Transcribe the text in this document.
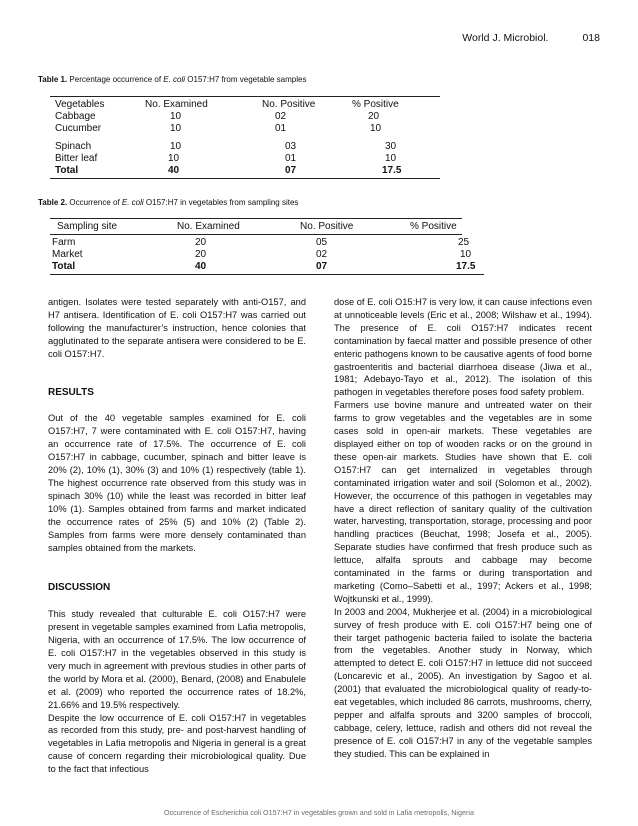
World J. Microbiol.	018
Table 1. Percentage occurrence of E. coli O157:H7 from vegetable samples
Vegetables	No. Examined	No. Positive	% Positive
Cabbage	10	02	20
Cucumber	10	01	10
Spinach	10	03	30
Bitter leaf	10	01	10
Total	40	07	17.5
Table 2. Occurrence of E. coli O157:H7 in vegetables from sampling sites
Sampling site	No. Examined	No. Positive	% Positive
Farm	20	05	25
Market	20	02	10
Total	40	07	17.5

antigen. Isolates were tested separately with anti-O157, and H7 antisera. Identification of E. coli O157:H7 was carried out following the manufacturer’s instruction, hence colonies that agglutinated to the separate antisera were considered to be E. coli O157:H7.

RESULTS

Out of the 40 vegetable samples examined for E. coli O157:H7, 7 were contaminated with E. coli O157:H7, having an occurrence rate of 17.5%. The occurrence of E. coli O157:H7 in cabbage, cucumber, spinach and bitter leave is 20% (2), 10% (1), 30% (3) and 10% (1) respectively (table 1). The highest occurrence rate observed from this study was in spinach 30% (10) while the least was recorded in bitter leaf 10% (1). Samples obtained from farms and market indicated the occurrence rates of 25% (5) and 10% (2) (Table 2). Samples from farms were more densely contaminated than samples obtained from the markets.

DISCUSSION

This study revealed that culturable E. coli O157:H7 were present in vegetable samples examined from Lafia metropolis, Nigeria, with an occurrence of 17.5%. The low occurrence of E. coli O157:H7 in the vegetables observed in this study is very much in agreement with previous studies in other parts of the world by Mora et al. (2000), Benard, (2008) and Enabulele et al. (2009) who reported the occurrence rates of 18.2%, 21.66% and 19.5% respectively.

Despite the low occurrence of E. coli O157:H7 in vegetables as recorded from this study, pre- and post-harvest handling of vegetables in Lafia metropolis and Nigeria in general is a great cause of concern regarding their microbiological quality. Due to the fact that infectious

dose of E. coli O15:H7 is very low, it can cause infections even at unnoticeable levels (Eric et al., 2008; Wilshaw et al., 1994). The presence of E. coli O157:H7 indicates recent contamination by faecal matter and possible presence of other enteric pathogens known to be causative agents of food borne gastroenteritis and bacterial diarrhoea disease (Jiwa et al., 1981; Adebayo-Tayo et al., 2012). The isolation of this pathogen in vegetables therefore poses food safety problem.

Farmers use bovine manure and untreated water on their farms to grow vegetables and the vegetables are in some cases sold in open-air markets. These vegetables are displayed either on top of wooden racks or on the ground in these open-air markets. Studies have shown that E. coli O157:H7 can get internalized in vegetables through contaminated irrigation water and soil (Solomon et al., 2002). However, the occurrence of this pathogen in vegetables may have a direct reflection of sanitary quality of the cultivation water, harvesting, transportation, storage, processing and poor handling practices (Beuchat, 1998; Josefa et al., 2005). Separate studies have confirmed that fresh produce such as lettuce, alfalfa sprouts and cabbage may become contaminated in the farms or during transportation and marketing (Como–Sabetti et al., 1997; Ackers et al., 1998; Wojtkunski et al., 1999).

In 2003 and 2004, Mukherjee et al. (2004) in a microbiological survey of fresh produce with E. coli O157:H7 being one of their target pathogenic bacteria failed to isolate the bacteria from the vegetables. Another study in Norway, which attempted to detect E. coli O157:H7 in lettuce did not succeed (Loncarevic et al., 2005). An investigation by Sagoo et al. (2001) that evaluated the microbiological quality of ready-to-eat vegetables, which included 86 carrots, mushrooms, cherry, pepper and alfalfa sprouts and 3200 samples of broccoli, cabbage, celery, lettuce, radish and others did not reveal the presence of E. coli O157:H7 in any of the vegetable samples they studied. This can be explained in

Occurrence of Escherichia coli O157:H7 in vegetables grown and sold in Lafia metropolis, Nigeria
